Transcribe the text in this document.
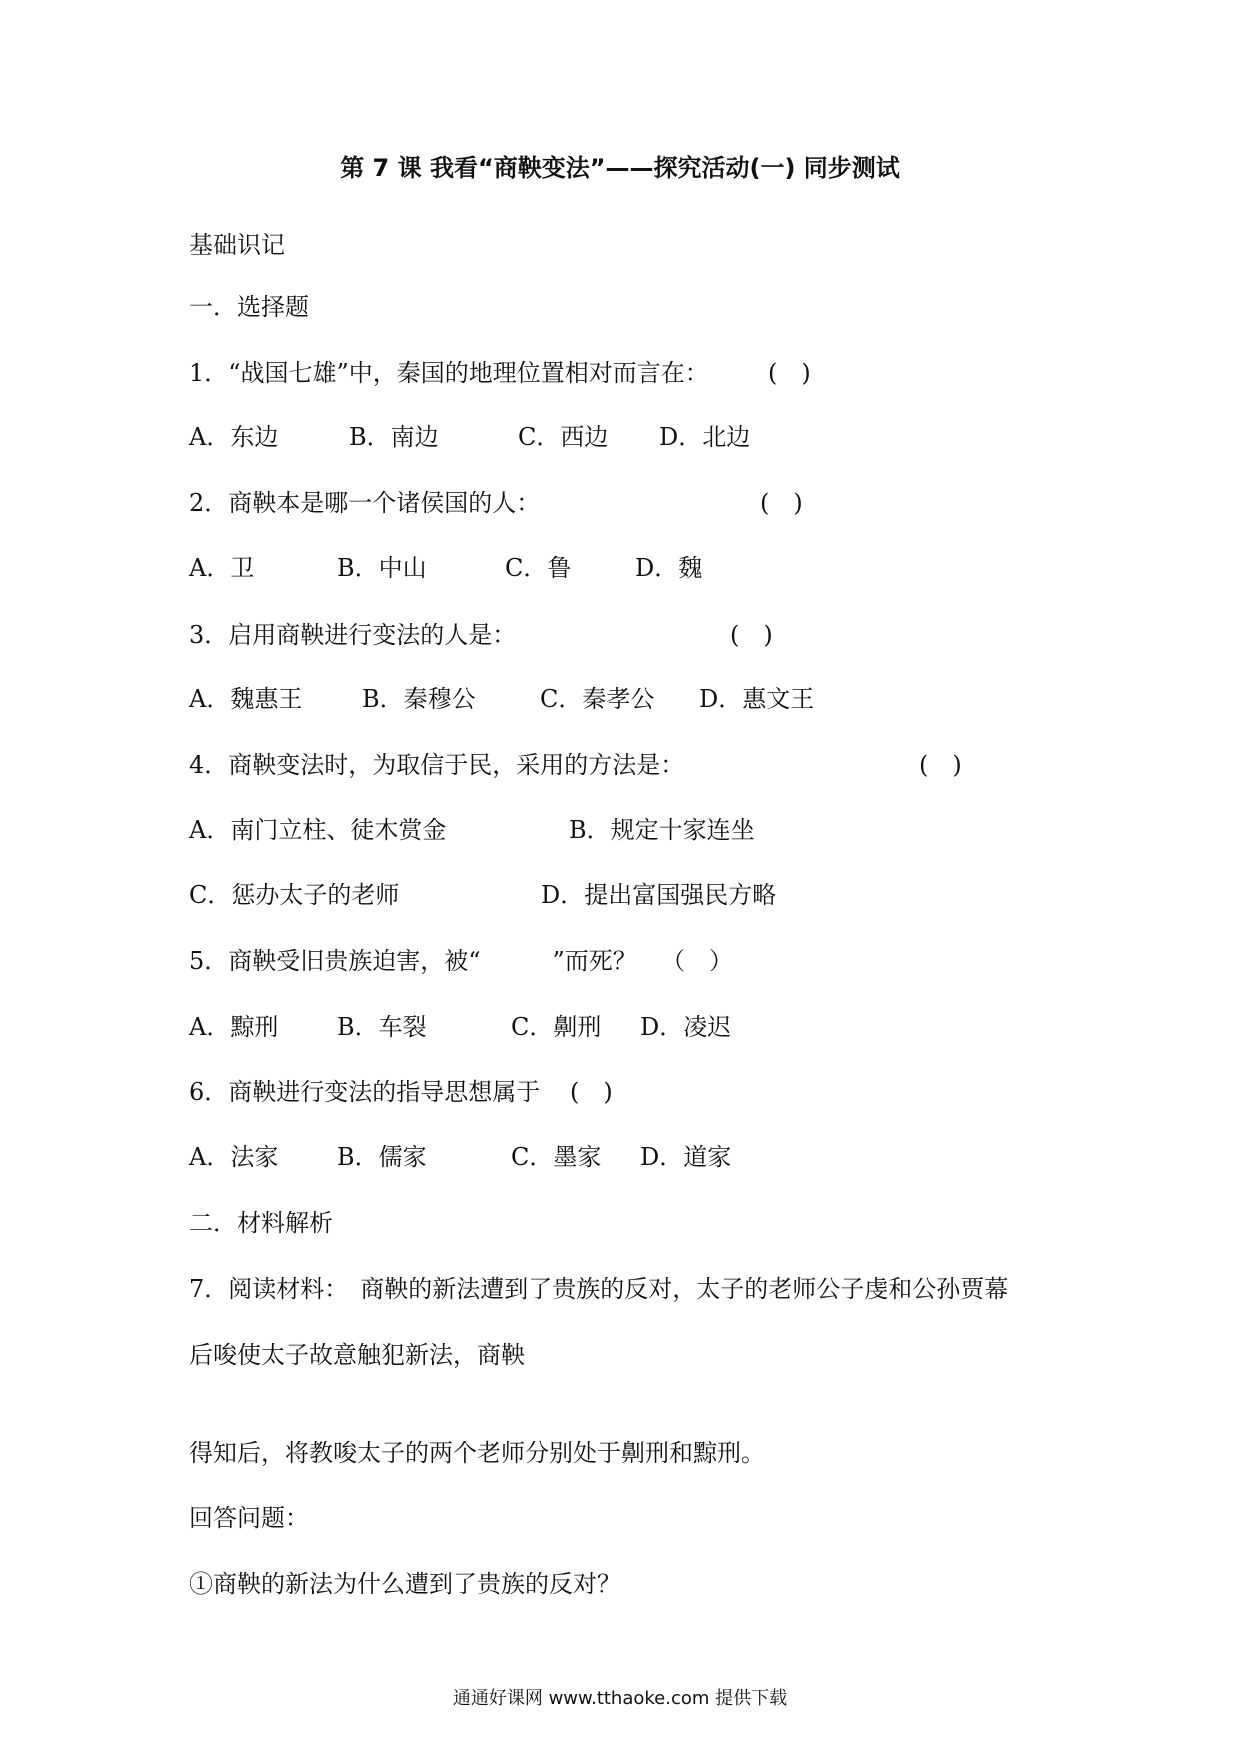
第 7 课 我看“商鞅变法”——探究活动(一) 同步测试
基础识记
一．选择题
1．“战国七雄”中，秦国的地理位置相对而言在： (　)
A．东边	B．南边	C．西边 D．北边
2．商鞅本是哪一个诸侯国的人：	(　)
A．卫	B．中山	C．鲁	D．魏
3．启用商鞅进行变法的人是：	(　)
A．魏惠王 B．秦穆公	C．秦孝公 D．惠文王
4．商鞅变法时，为取信于民，采用的方法是：	(　)
A．南门立柱、徒木赏金	B．规定十家连坐
C．惩办太子的老师	D．提出富国强民方略
5．商鞅受旧贵族迫害，被“　　　”而死？ （　）
A．黥刑 B．车裂	C．劓刑 D．凌迟
6．商鞅进行变法的指导思想属于 (　)
A．法家 B．儒家	C．墨家 D．道家
二．材料解析
7．阅读材料：　商鞅的新法遭到了贵族的反对，太子的老师公子虔和公孙贾幕
后唆使太子故意触犯新法，商鞅
得知后，将教唆太子的两个老师分别处于劓刑和黥刑。
回答问题：
①商鞅的新法为什么遭到了贵族的反对？
通通好课网 www.tthaoke.com 提供下载
